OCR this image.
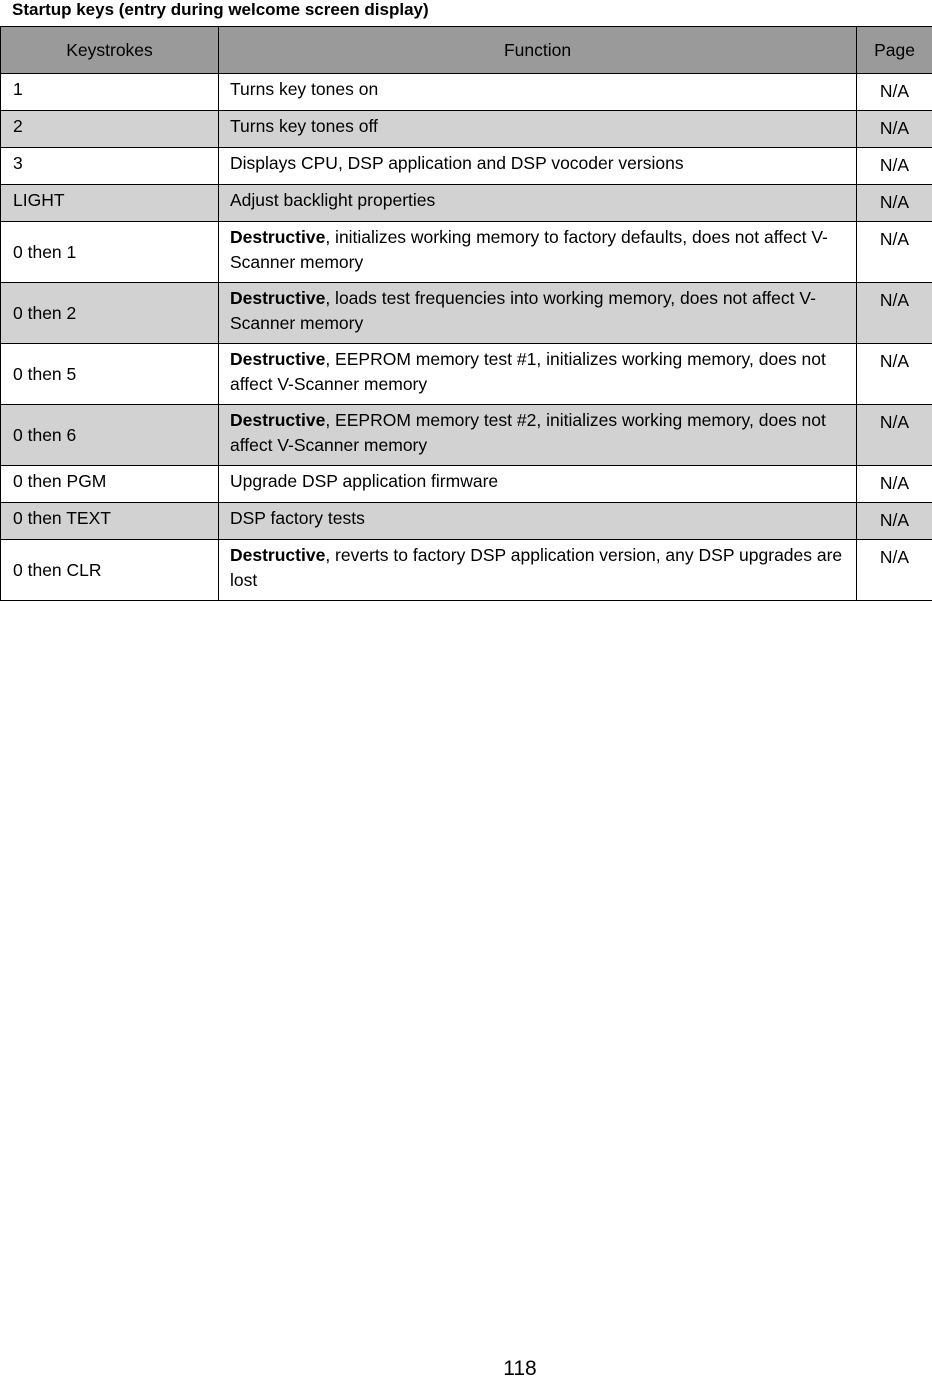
Startup keys (entry during welcome screen display)
Keystrokes	Function	Page

1	Turns key tones on	N/A

2	Turns key tones off	N/A

3	Displays CPU, DSP application and DSP vocoder versions	N/A

LIGHT	Adjust backlight properties	N/A

0 then 1	Destructive, initializes working memory to factory defaults, does not affect V-Scanner memory	N/A

0 then 2	Destructive, loads test frequencies into working memory, does not affect V-Scanner memory	N/A

0 then 5	Destructive, EEPROM memory test #1, initializes working memory, does not affect V-Scanner memory	N/A

0 then 6	Destructive, EEPROM memory test #2, initializes working memory, does not affect V-Scanner memory	N/A

0 then PGM	Upgrade DSP application firmware	N/A

0 then TEXT	DSP factory tests	N/A

0 then CLR	Destructive, reverts to factory DSP application version, any DSP upgrades are lost	N/A
118
